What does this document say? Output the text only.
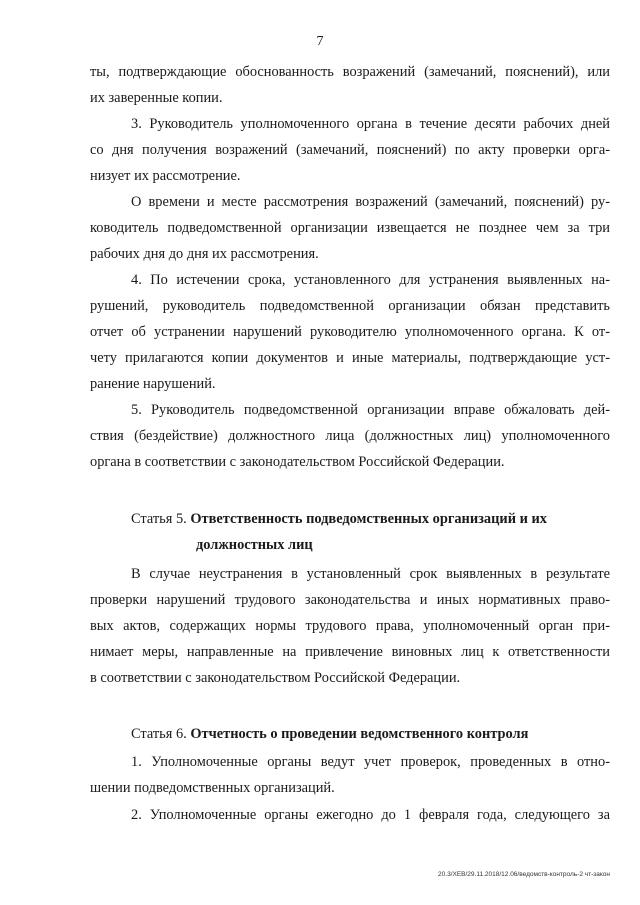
7
ты, подтверждающие обоснованность возражений (замечаний, пояснений), или
их заверенные копии.
3. Руководитель уполномоченного органа в течение десяти рабочих дней
со дня получения возражений (замечаний, пояснений) по акту проверки орга-
низует их рассмотрение.
О времени и месте рассмотрения возражений (замечаний, пояснений) ру-
ководитель подведомственной организации извещается не позднее чем за три
рабочих дня до дня их рассмотрения.
4. По истечении срока, установленного для устранения выявленных на-
рушений, руководитель подведомственной организации обязан представить
отчет об устранении нарушений руководителю уполномоченного органа. К от-
чету прилагаются копии документов и иные материалы, подтверждающие уст-
ранение нарушений.
5. Руководитель подведомственной организации вправе обжаловать дей-
ствия (бездействие) должностного лица (должностных лиц) уполномоченного
органа в соответствии с законодательством Российской Федерации.
Статья 5. Ответственность подведомственных организаций и их
должностных лиц
В случае неустранения в установленный срок выявленных в результате
проверки нарушений трудового законодательства и иных нормативных право-
вых актов, содержащих нормы трудового права, уполномоченный орган при-
нимает меры, направленные на привлечение виновных лиц к ответственности
в соответствии с законодательством Российской Федерации.
Статья 6. Отчетность о проведении ведомственного контроля
1. Уполномоченные органы ведут учет проверок, проведенных в отно-
шении подведомственных организаций.
2. Уполномоченные органы ежегодно до 1 февраля года, следующего за
20.3/ХЕВ/29.11.2018/12.06/ведомств-контроль-2 чт-закон
